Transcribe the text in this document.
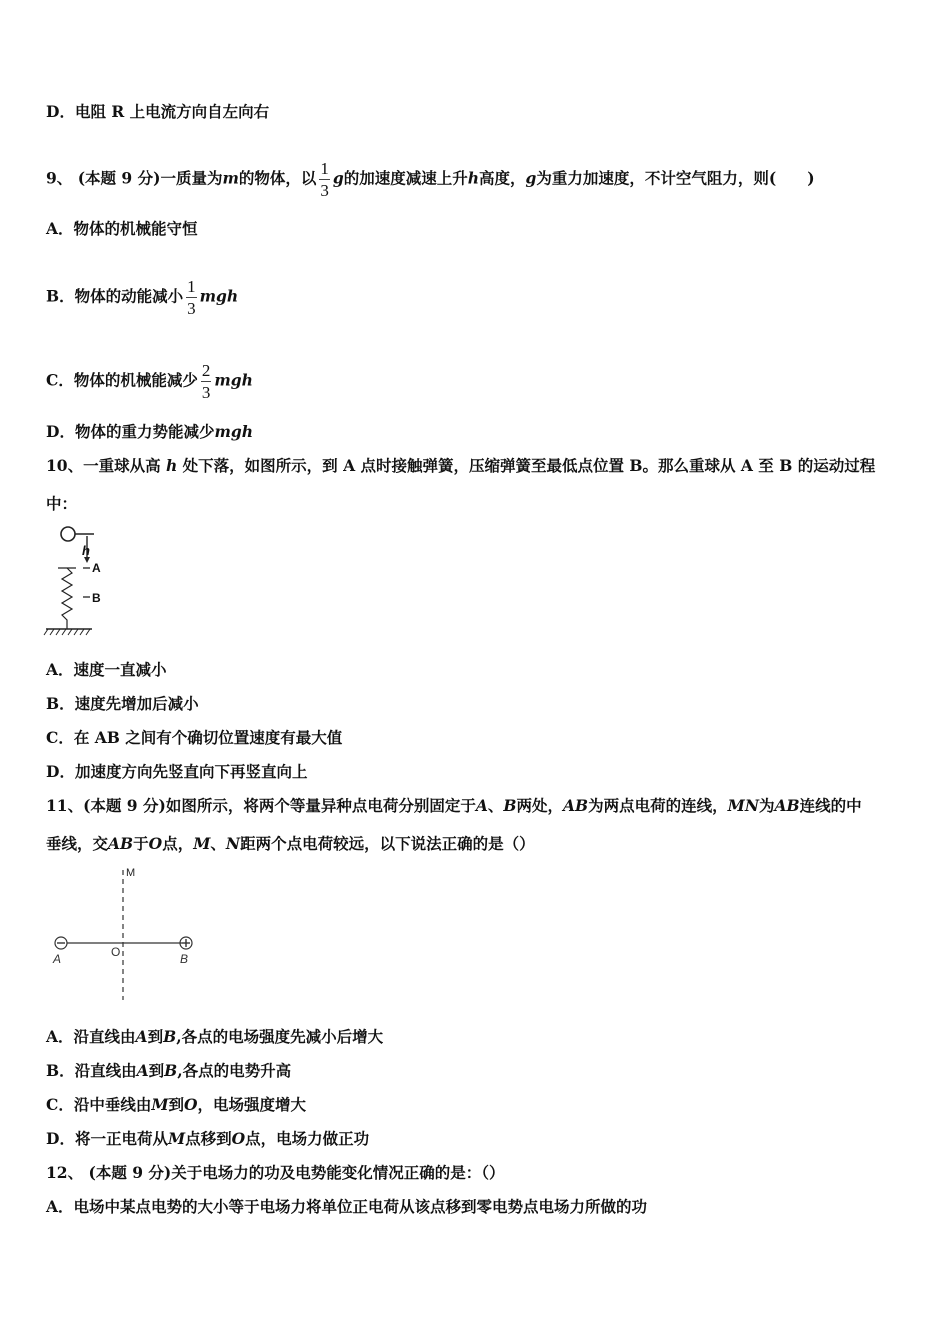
D．电阻 R 上电流方向自左向右
9、 (本题 9 分)一质量为m的物体，以 $\frac{1}{3}$ g的加速度减速上升h高度，g为重力加速度，不计空气阻力，则(　　)
A．物体的机械能守恒
B．物体的动能减小 $\frac{1}{3}$ mgh
C．物体的机械能减少 $\frac{2}{3}$ mgh
D．物体的重力势能减少mgh
10、一重球从高 h 处下落，如图所示，到 A 点时接触弹簧，压缩弹簧至最低点位置 B。那么重球从 A 至 B 的运动过程
中：
h
A
B
A．速度一直减小
B．速度先增加后减小
C．在 AB 之间有个确切位置速度有最大值
D．加速度方向先竖直向下再竖直向上
11、(本题 9 分)如图所示，将两个等量异种点电荷分别固定于A、B两处，AB为两点电荷的连线，MN为AB连线的中
垂线，交AB于O点，M、N距两个点电荷较远，以下说法正确的是（）
M
O
A	B
A．沿直线由A到B,各点的电场强度先减小后增大
B．沿直线由A到B,各点的电势升高
C．沿中垂线由M到O，电场强度增大
D．将一正电荷从M点移到O点，电场力做正功
12、 (本题 9 分)关于电场力的功及电势能变化情况正确的是：（）
A．电场中某点电势的大小等于电场力将单位正电荷从该点移到零电势点电场力所做的功
